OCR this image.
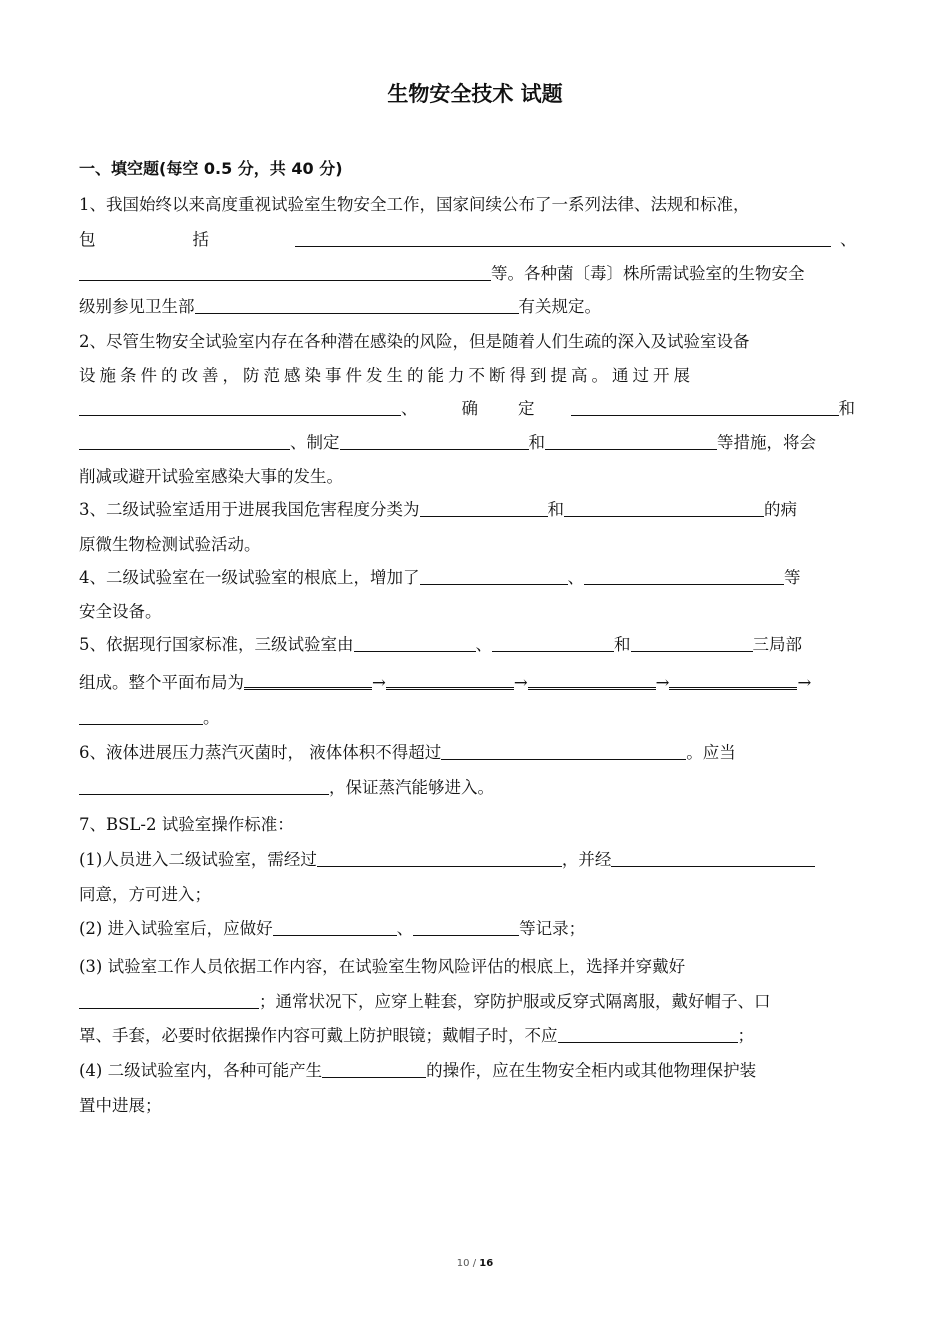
生物安全技术 试题
一、填空题(每空 0.5 分，共 40 分)
1、我国始终以来高度重视试验室生物安全工作，国家间续公布了一系列法律、法规和标准，
包	括	、
等。各种菌〔毒〕株所需试验室的生物安全
级别参见卫生部	有关规定。
2、尽管生物安全试验室内存在各种潜在感染的风险，但是随着人们生疏的深入及试验室设备
设施条件的改善，防范感染事件发生的能力不断得到提高。通过开展
、	确 定	和
、制定	和	等措施，将会
削减或避开试验室感染大事的发生。
3、二级试验室适用于进展我国危害程度分类为	和	的病
原微生物检测试验活动。
4、二级试验室在一级试验室的根底上，增加了	、	等
安全设备。
5、依据现行国家标准，三级试验室由	、	和	三局部
组成。整个平面布局为	→	→	→	→
。
6、液体进展压力蒸汽灭菌时， 液体体积不得超过	。应当
，保证蒸汽能够进入。
7、BSL-2 试验室操作标准：
(1)人员进入二级试验室，需经过	，并经
同意，方可进入；
(2) 进入试验室后，应做好	、	等记录；
(3) 试验室工作人员依据工作内容，在试验室生物风险评估的根底上，选择并穿戴好
；通常状况下，应穿上鞋套，穿防护服或反穿式隔离服，戴好帽子、口
罩、手套，必要时依据操作内容可戴上防护眼镜；戴帽子时，不应	；
(4) 二级试验室内，各种可能产生	的操作，应在生物安全柜内或其他物理保护装
置中进展；
10 / 16
